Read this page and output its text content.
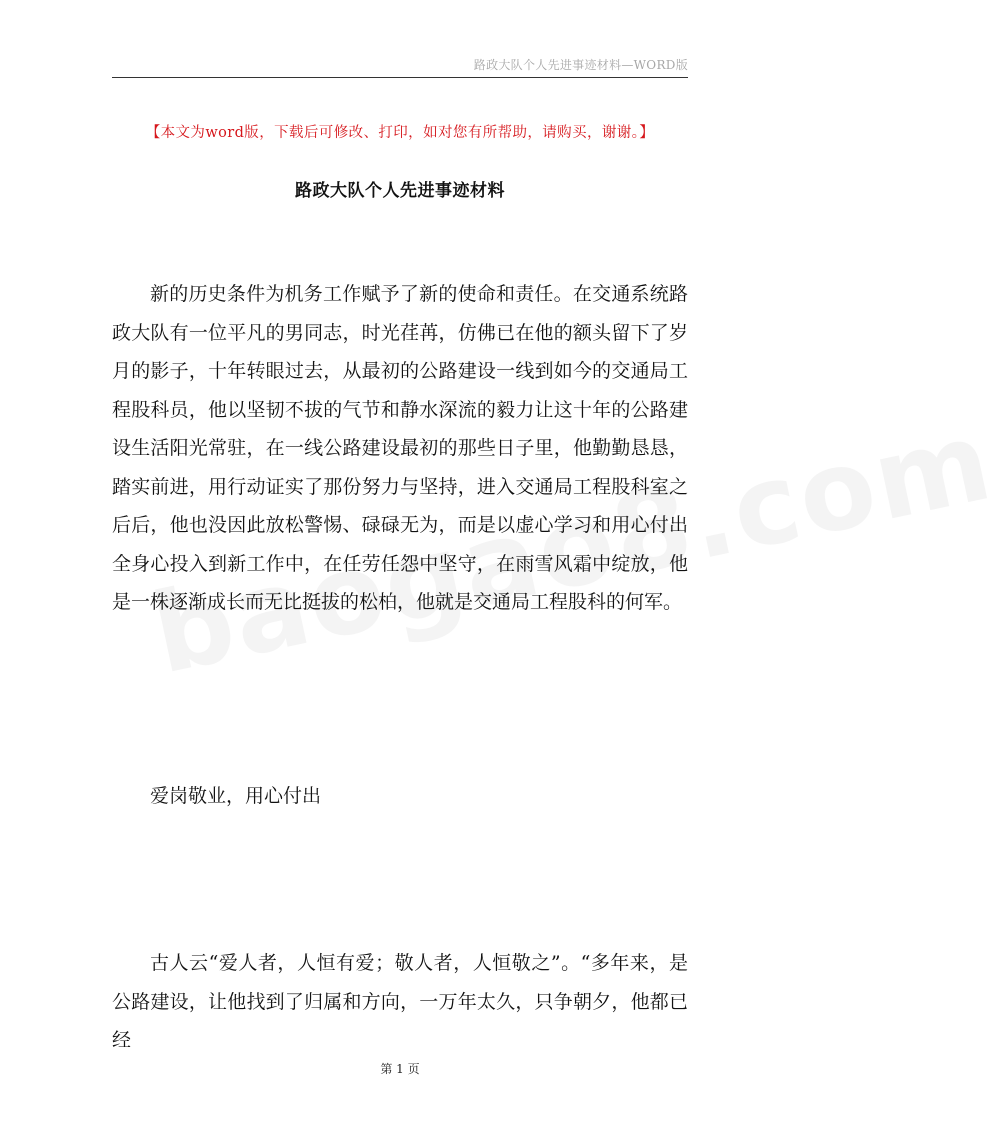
路政大队个人先进事迹材料—WORD版
【本文为word版，下载后可修改、打印，如对您有所帮助，请购买，谢谢。】
路政大队个人先进事迹材料

新的历史条件为机务工作赋予了新的使命和责任。在交通系统路政大队有一位平凡的男同志，时光荏苒，仿佛已在他的额头留下了岁月的影子，十年转眼过去，从最初的公路建设一线到如今的交通局工程股科员，他以坚韧不拔的气节和静水深流的毅力让这十年的公路建设生活阳光常驻，在一线公路建设最初的那些日子里，他勤勤恳恳，踏实前进，用行动证实了那份努力与坚持，进入交通局工程股科室之后后，他也没因此放松警惕、碌碌无为，而是以虚心学习和用心付出全身心投入到新工作中，在任劳任怨中坚守，在雨雪风霜中绽放，他是一株逐渐成长而无比挺拔的松柏，他就是交通局工程股科的何军。

爱岗敬业，用心付出

古人云“爱人者，人恒有爱；敬人者，人恒敬之”。“多年来，是公路建设，让他找到了归属和方向，一万年太久，只争朝夕，他都已经

第 1 页
